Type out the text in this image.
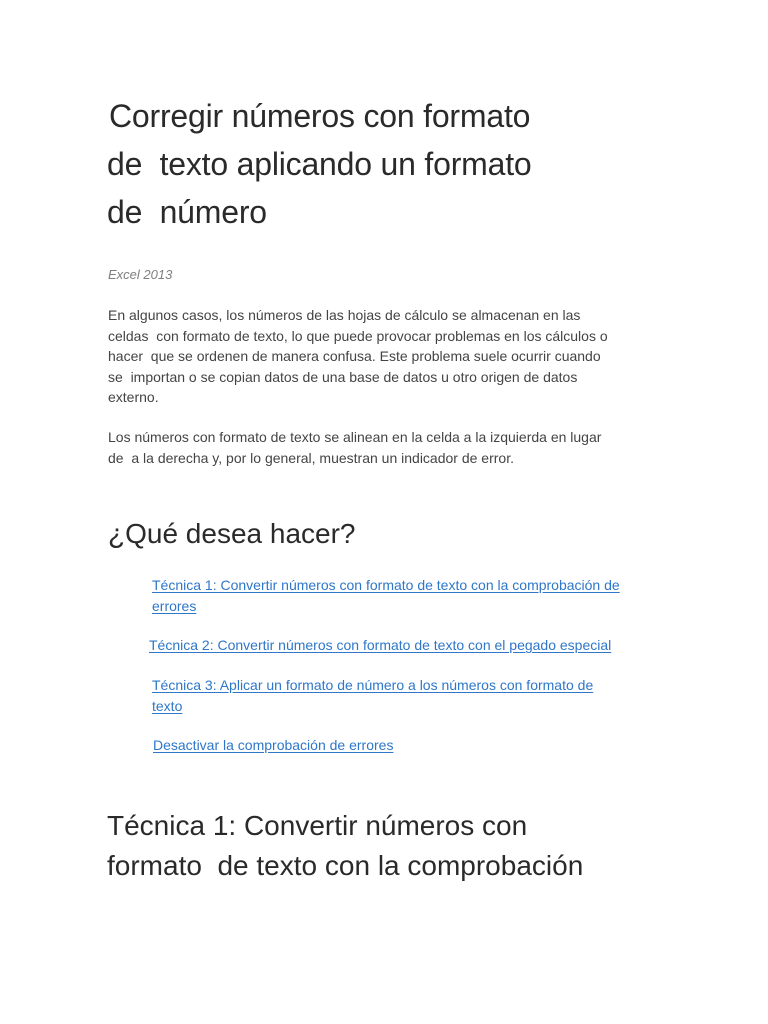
Corregir números con formato
de  texto aplicando un formato
de  número
Excel 2013
En algunos casos, los números de las hojas de cálculo se almacenan en las
celdas  con formato de texto, lo que puede provocar problemas en los cálculos o
hacer  que se ordenen de manera confusa. Este problema suele ocurrir cuando
se  importan o se copian datos de una base de datos u otro origen de datos
externo.
Los números con formato de texto se alinean en la celda a la izquierda en lugar
de  a la derecha y, por lo general, muestran un indicador de error.
¿Qué desea hacer?
Técnica 1: Convertir números con formato de texto con la comprobación de
errores
Técnica 2: Convertir números con formato de texto con el pegado especial
Técnica 3: Aplicar un formato de número a los números con formato de
texto
Desactivar la comprobación de errores
Técnica 1: Convertir números con
formato  de texto con la comprobación
